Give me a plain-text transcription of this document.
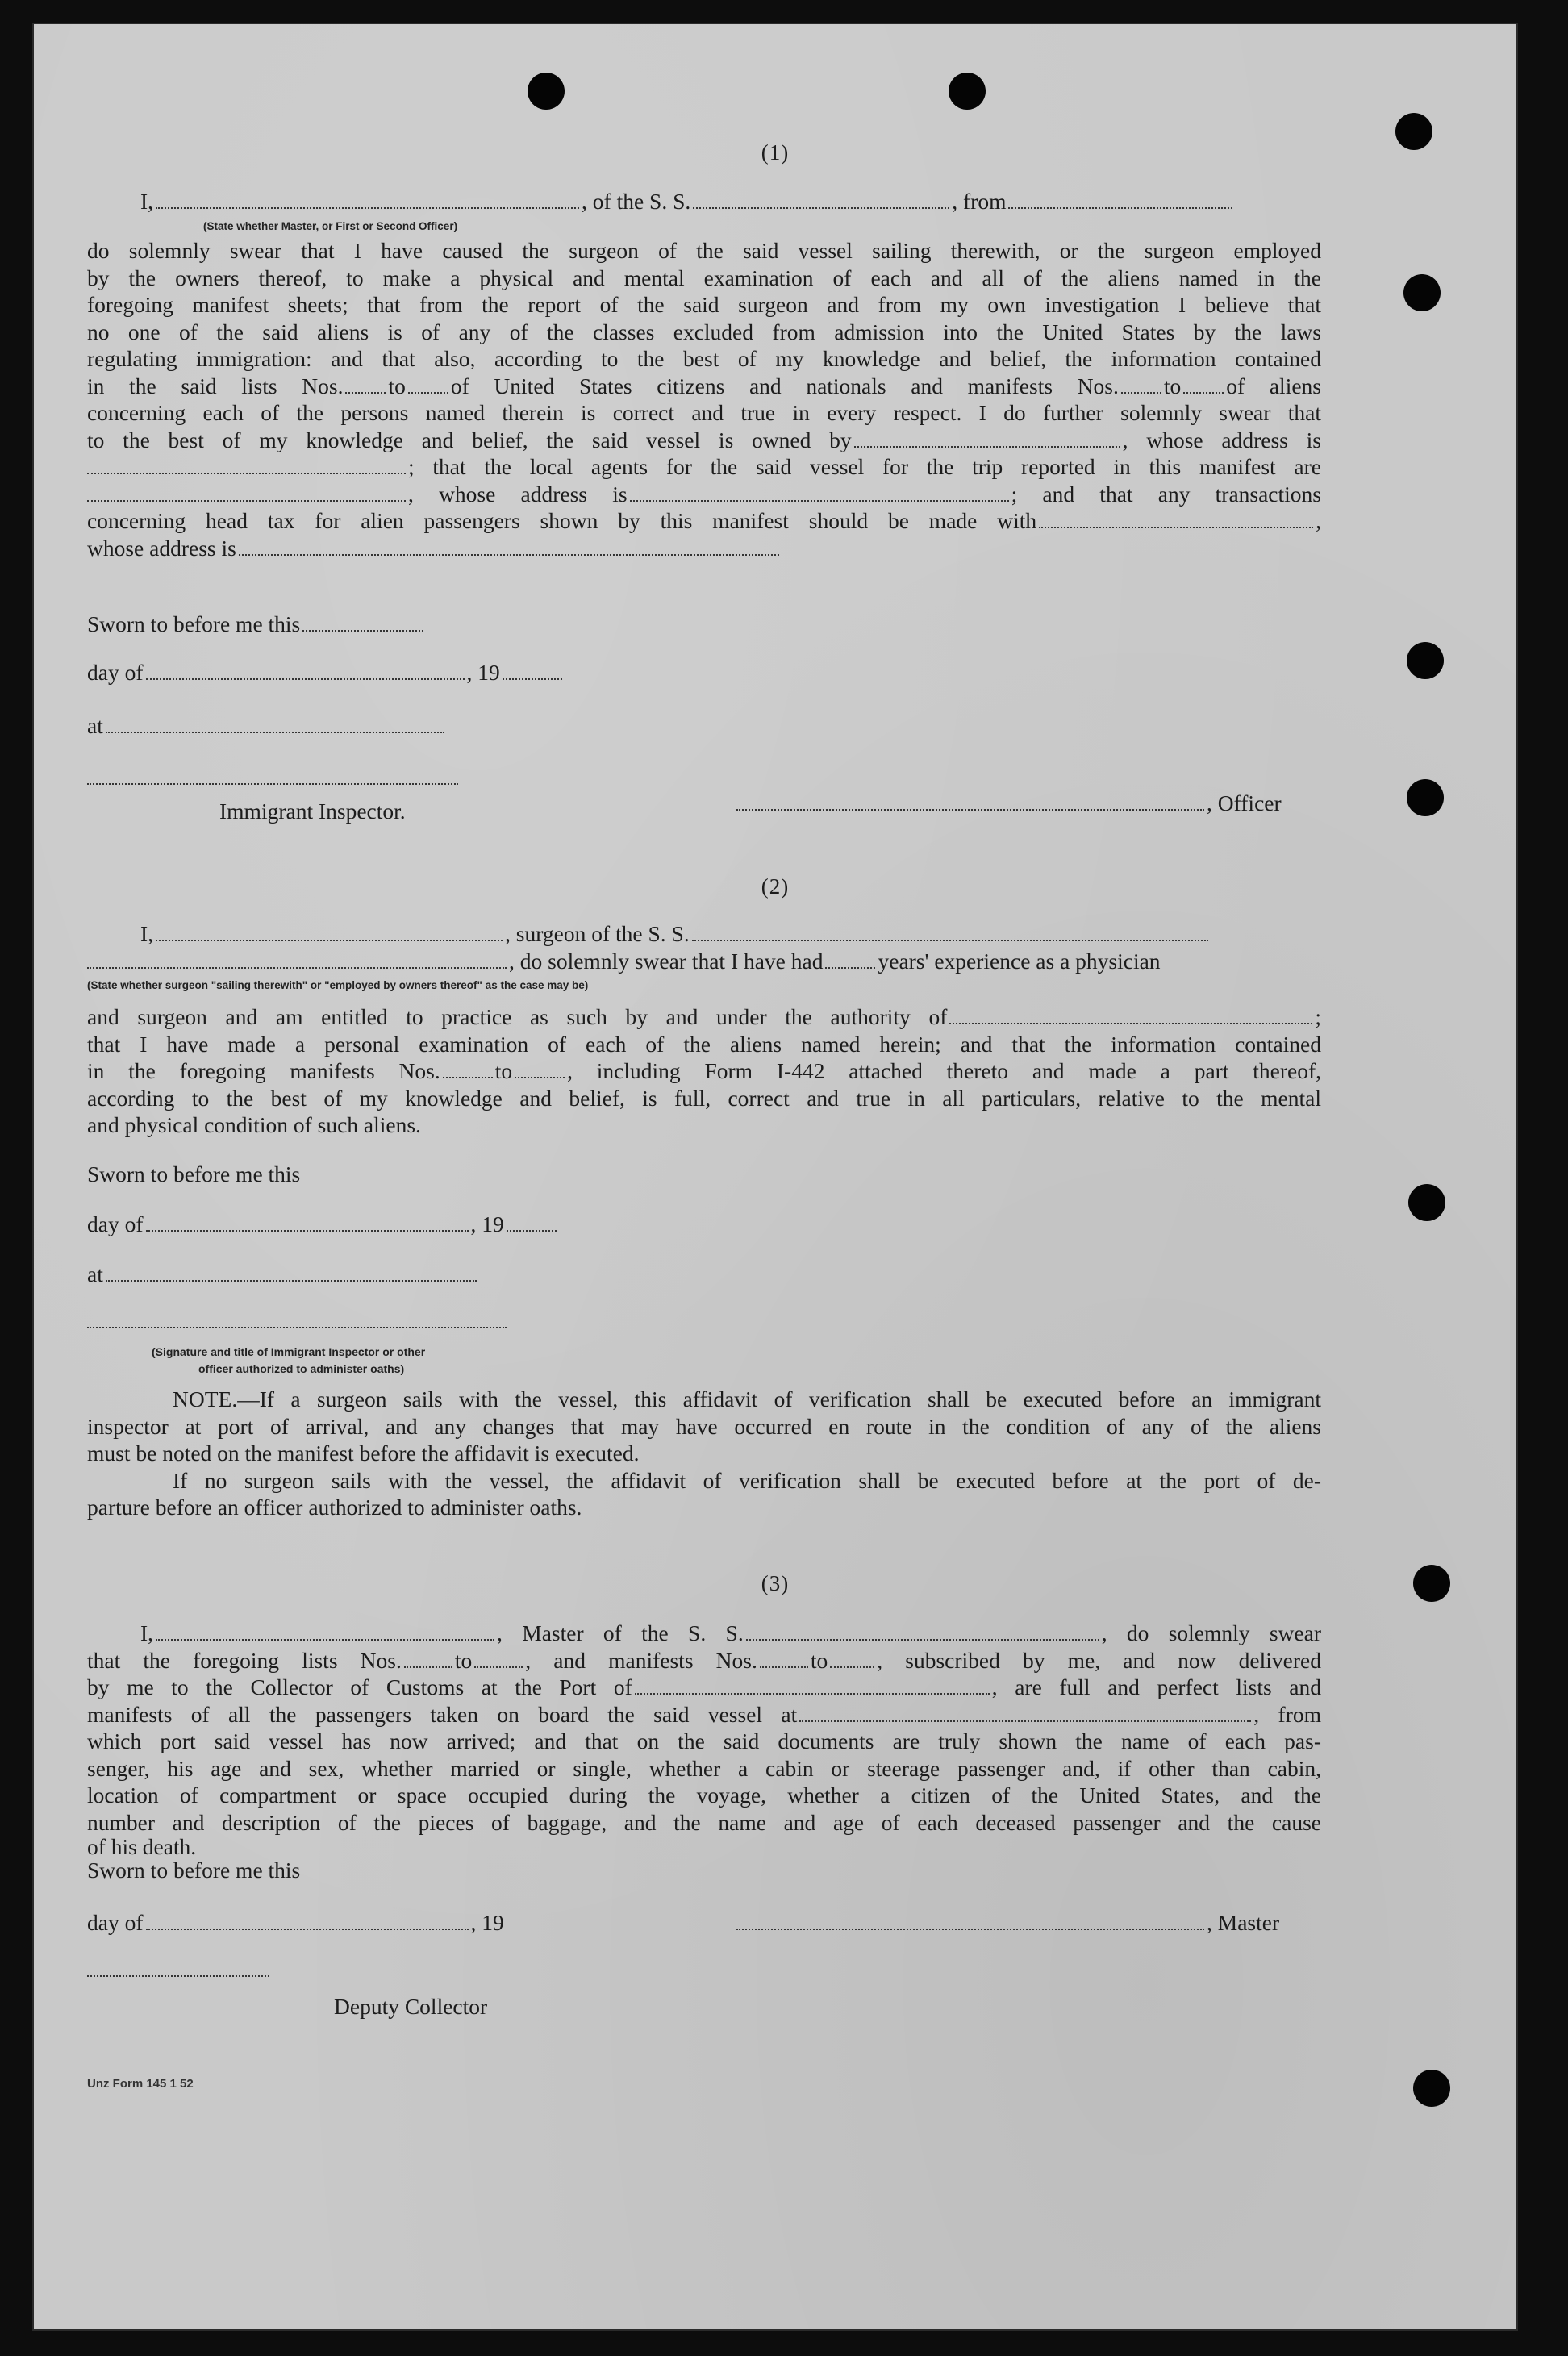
(1)

I,	, of the S. S.	, from

(State whether Master, or First or Second Officer)

do solemnly swear that I have caused the surgeon of the said vessel sailing therewith, or the surgeon employed

by the owners thereof, to make a physical and mental examination of each and all of the aliens named in the

foregoing manifest sheets; that from the report of the said surgeon and from my own investigation I believe that

no one of the said aliens is of any of the classes excluded from admission into the United States by the laws

regulating immigration: and that also, according to the best of my knowledge and belief, the information contained

in the said lists Nos. to of United States citizens and nationals and manifests Nos. to of aliens

concerning each of the persons named therein is correct and true in every respect. I do further solemnly swear that

to the best of my knowledge and belief, the said vessel is owned by	, whose address is

; that the local agents for the said vessel for the trip reported in this manifest are

, whose address is	; and that any transactions

concerning head tax for alien passengers shown by this manifest should be made with	,

whose address is

Sworn to before me this
day of	, 19
at
Immigrant Inspector.	, Officer
(2)
I,	, surgeon of the S. S.
, do solemnly swear that I have had years' experience as a physician
(State whether surgeon "sailing therewith" or "employed by owners thereof" as the case may be)

and surgeon and am entitled to practice as such by and under the authority of	;

that I have made a personal examination of each of the aliens named herein; and that the information contained

in the foregoing manifests Nos. to , including Form I-442 attached thereto and made a part thereof,

according to the best of my knowledge and belief, is full, correct and true in all particulars, relative to the mental

and physical condition of such aliens.

Sworn to before me this
day of	, 19
at
(Signature and title of Immigrant Inspector or other
officer authorized to administer oaths)

NOTE.—If a surgeon sails with the vessel, this affidavit of verification shall be executed before an immigrant

inspector at port of arrival, and any changes that may have occurred en route in the condition of any of the aliens

must be noted on the manifest before the affidavit is executed.

If no surgeon sails with the vessel, the affidavit of verification shall be executed before at the port of de-

parture before an officer authorized to administer oaths.

(3)

I,	, Master of the S. S.	, do solemnly swear

that the foregoing lists Nos. to , and manifests Nos. to , subscribed by me, and now delivered

by me to the Collector of Customs at the Port of	, are full and perfect lists and

manifests of all the passengers taken on board the said vessel at	, from

which port said vessel has now arrived; and that on the said documents are truly shown the name of each pas-

senger, his age and sex, whether married or single, whether a cabin or steerage passenger and, if other than cabin,

location of compartment or space occupied during the voyage, whether a citizen of the United States, and the

number and description of the pieces of baggage, and the name and age of each deceased passenger and the cause

of his death.

Sworn to before me this

day of	, 19	, Master
Deputy Collector
Unz Form 145 1 52
